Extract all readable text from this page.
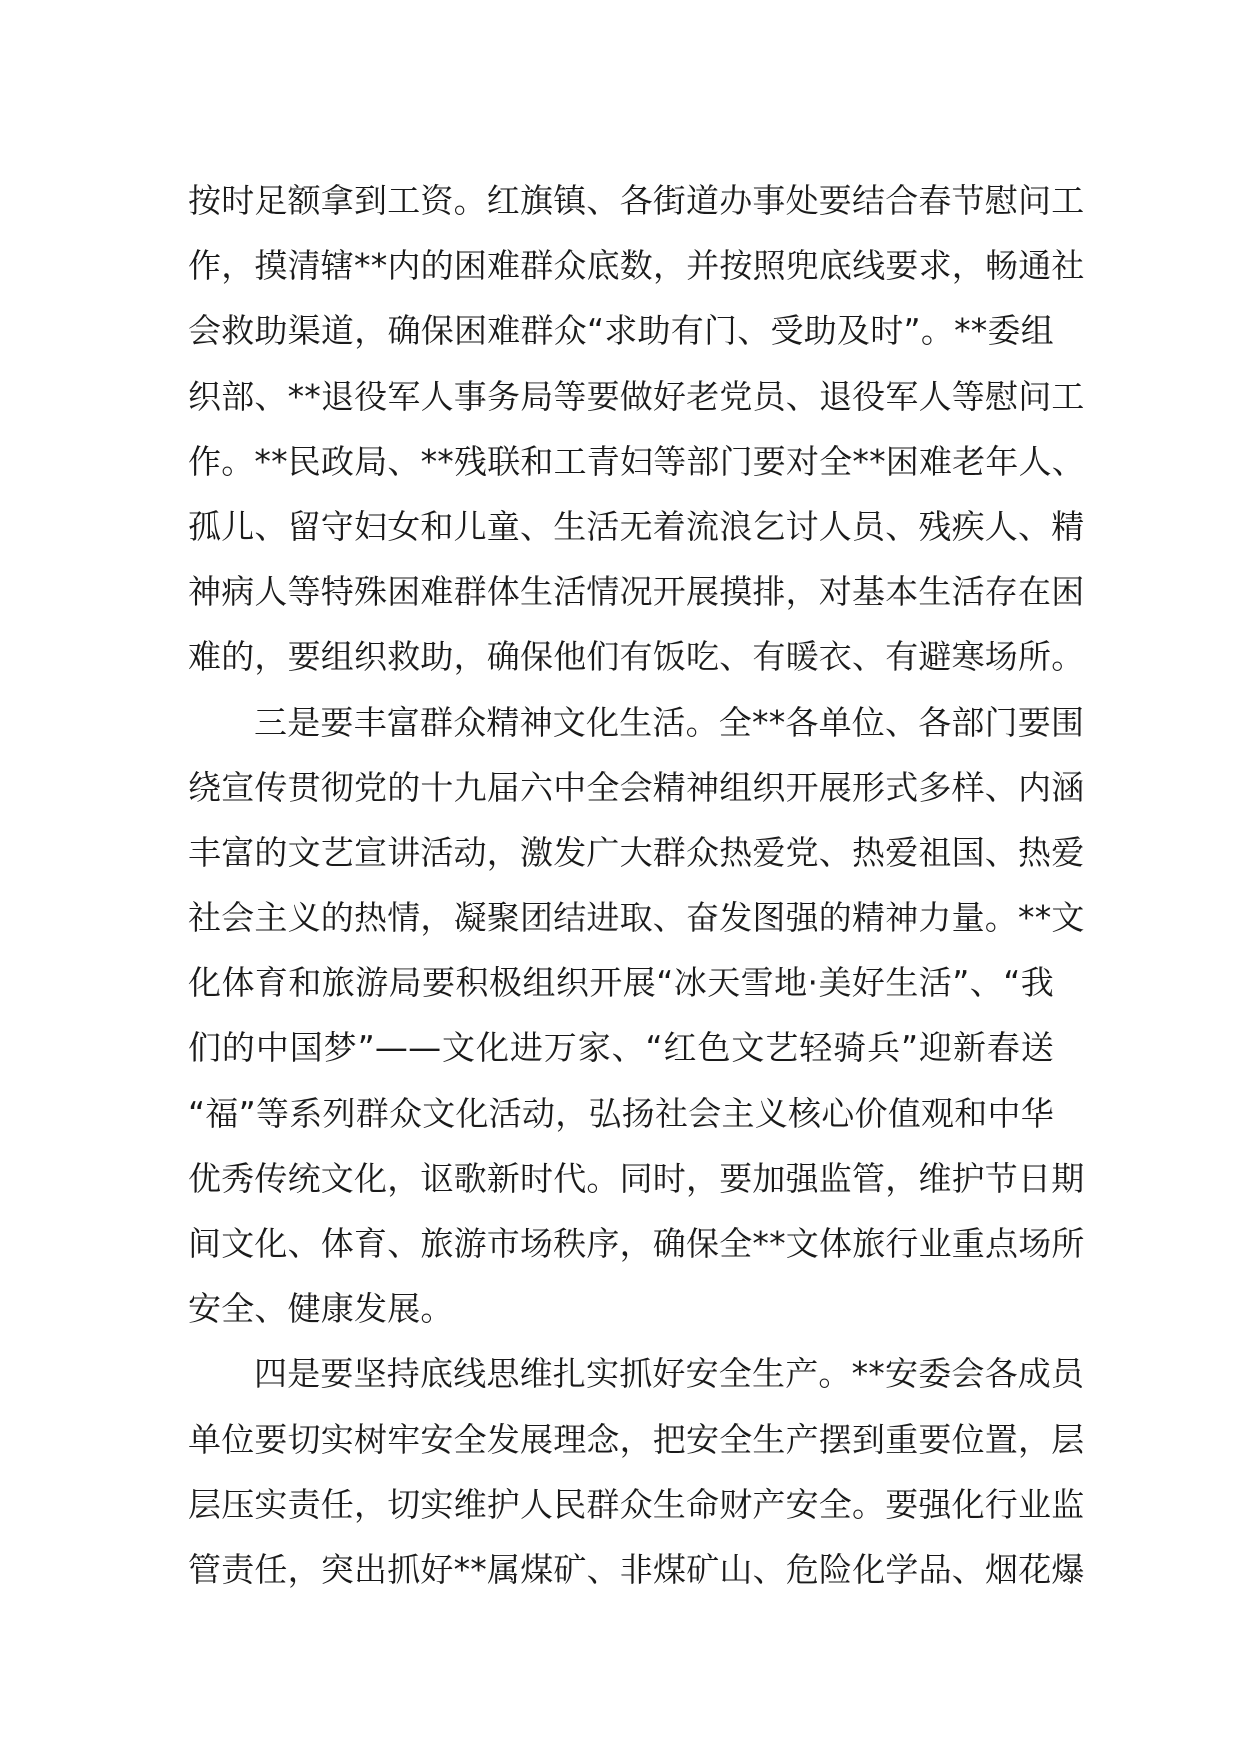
按时足额拿到工资。红旗镇、各街道办事处要结合春节慰问工
作，摸清辖**内的困难群众底数，并按照兜底线要求，畅通社
会救助渠道，确保困难群众“求助有门、受助及时”。**委组
织部、**退役军人事务局等要做好老党员、退役军人等慰问工
作。**民政局、**残联和工青妇等部门要对全**困难老年人、
孤儿、留守妇女和儿童、生活无着流浪乞讨人员、残疾人、精
神病人等特殊困难群体生活情况开展摸排，对基本生活存在困
难的，要组织救助，确保他们有饭吃、有暖衣、有避寒场所。
三是要丰富群众精神文化生活。全**各单位、各部门要围
绕宣传贯彻党的十九届六中全会精神组织开展形式多样、内涵
丰富的文艺宣讲活动，激发广大群众热爱党、热爱祖国、热爱
社会主义的热情，凝聚团结进取、奋发图强的精神力量。**文
化体育和旅游局要积极组织开展“冰天雪地·美好生活”、“我
们的中国梦”——文化进万家、“红色文艺轻骑兵”迎新春送
“福”等系列群众文化活动，弘扬社会主义核心价值观和中华
优秀传统文化，讴歌新时代。同时，要加强监管，维护节日期
间文化、体育、旅游市场秩序，确保全**文体旅行业重点场所
安全、健康发展。
四是要坚持底线思维扎实抓好安全生产。**安委会各成员
单位要切实树牢安全发展理念，把安全生产摆到重要位置，层
层压实责任，切实维护人民群众生命财产安全。要强化行业监
管责任，突出抓好**属煤矿、非煤矿山、危险化学品、烟花爆
